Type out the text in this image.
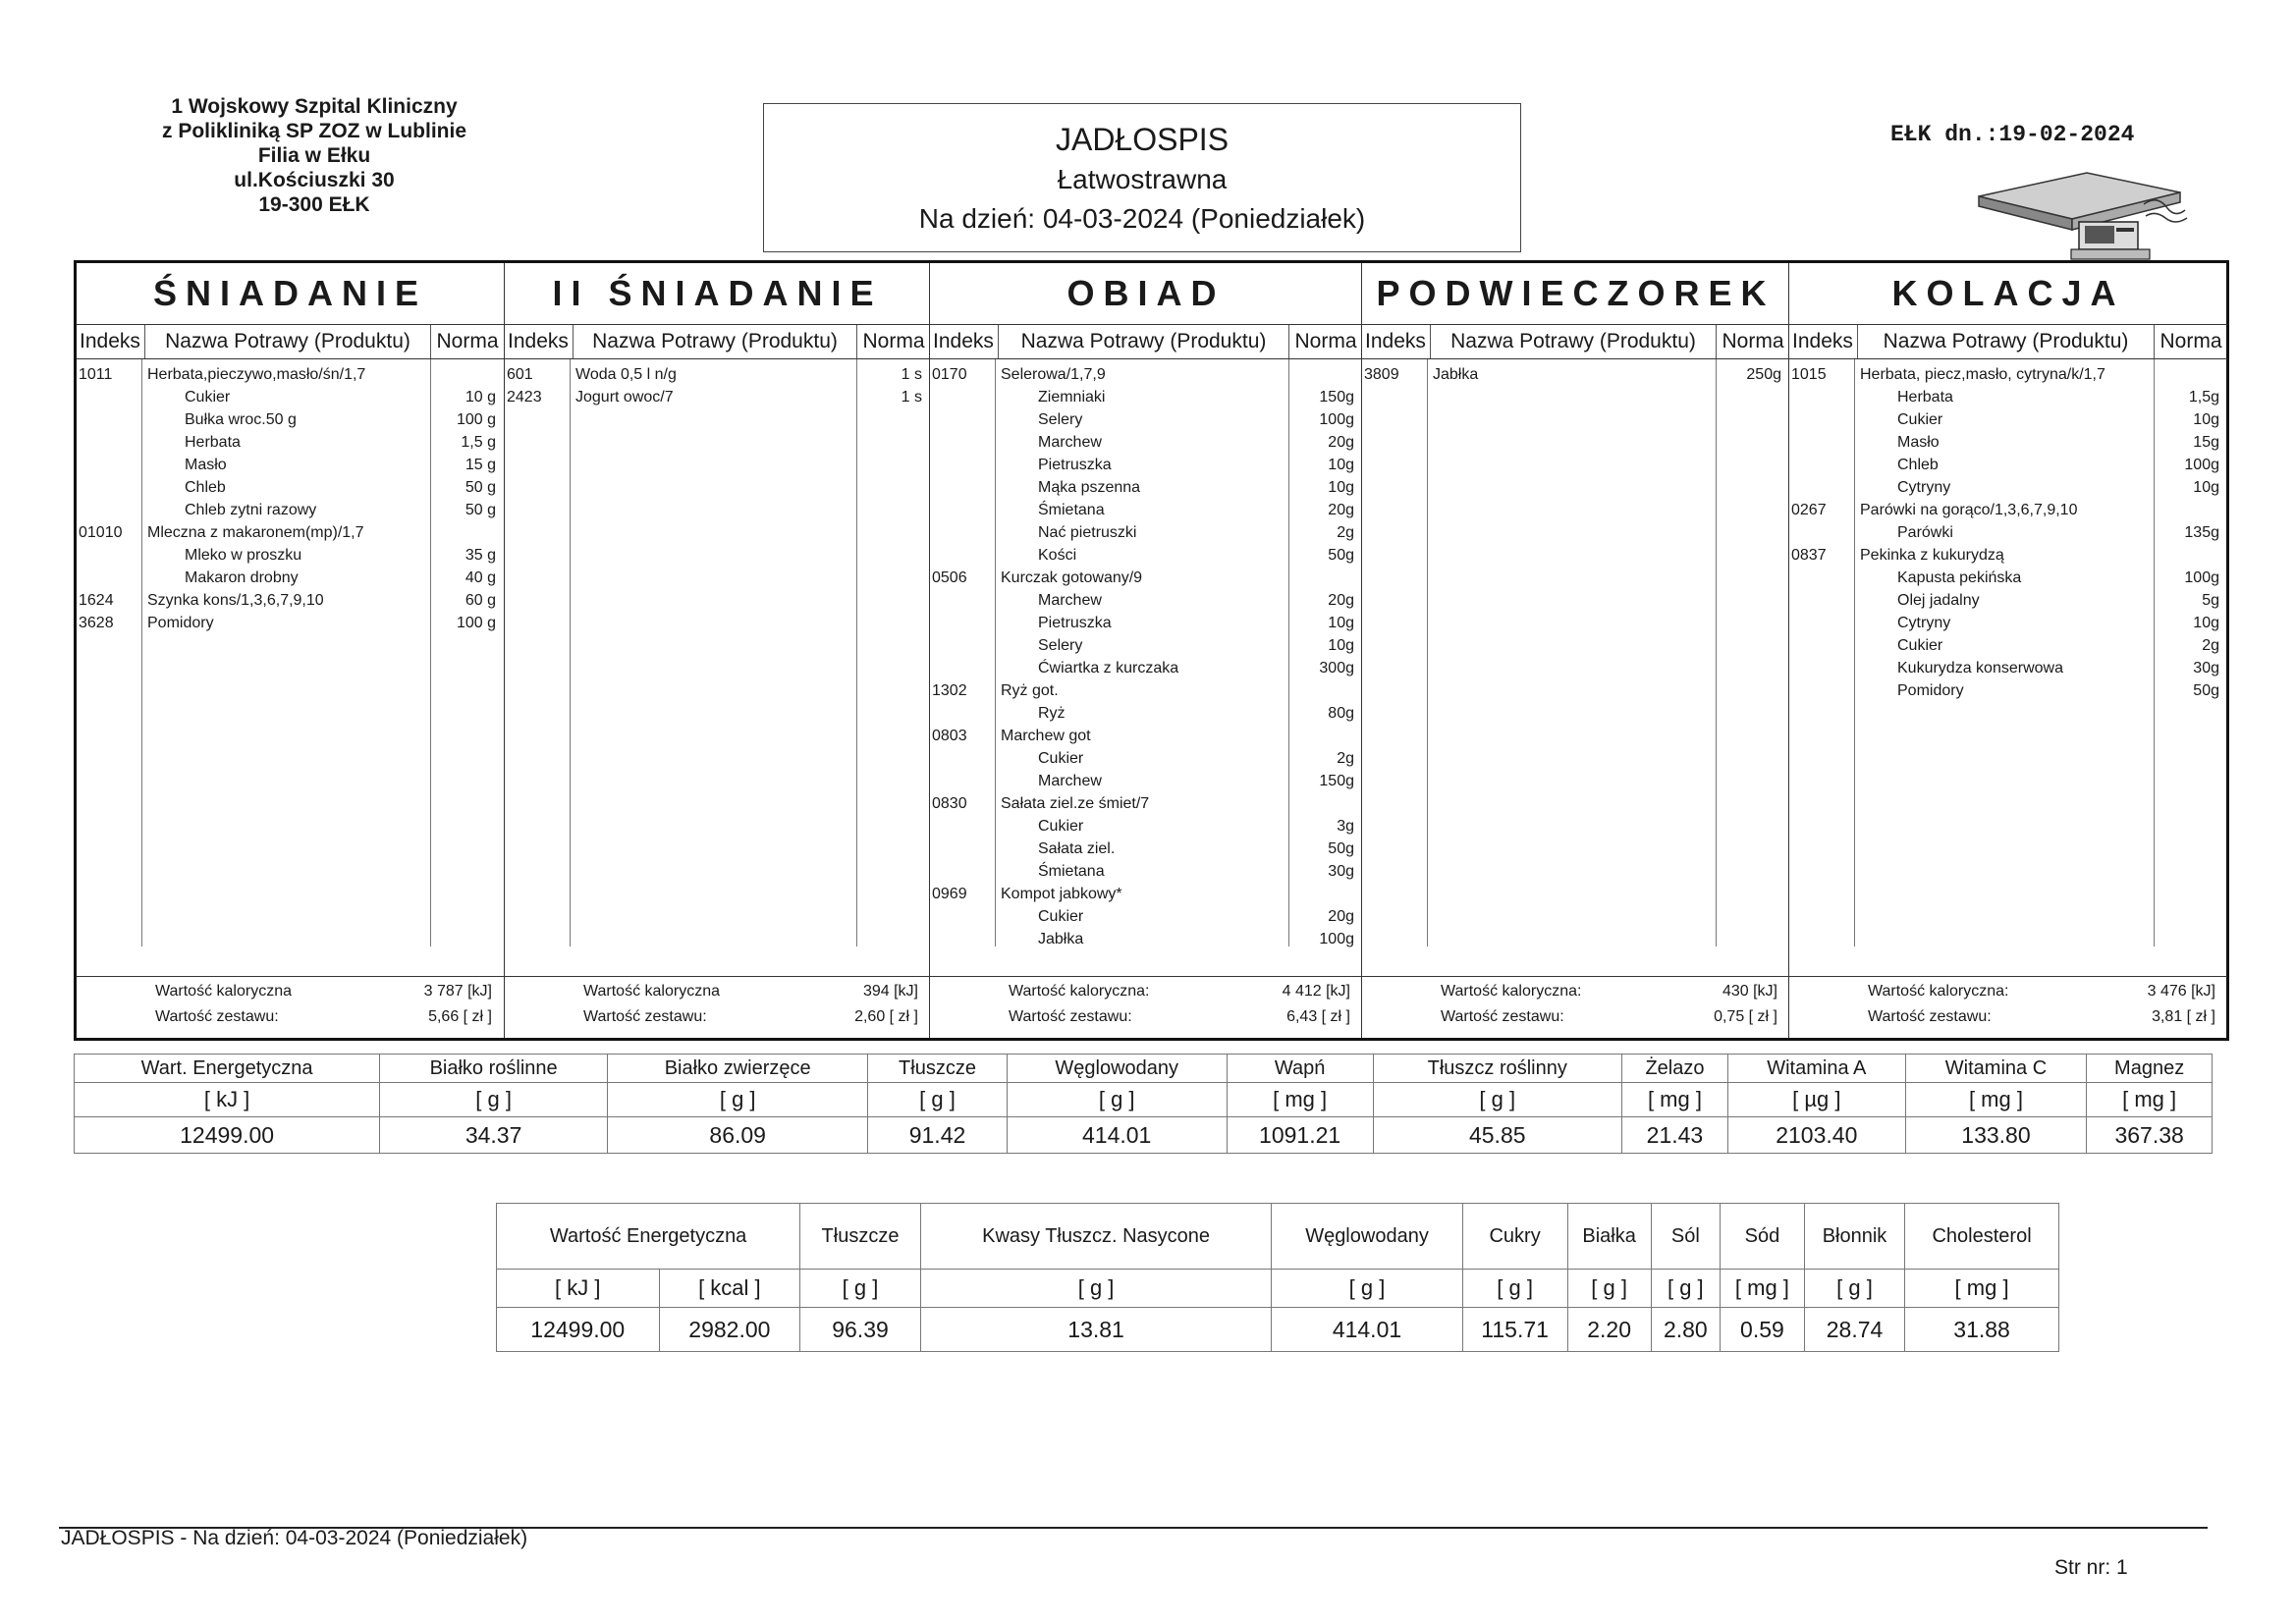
1 Wojskowy Szpital Kliniczny
z Polikliniką SP ZOZ w Lublinie
Filia w Ełku
ul.Kościuszki 30
19-300 EŁK
JADŁOSPIS
Łatwostrawna
Na dzień: 04-03-2024 (Poniedziałek)
EŁK dn.:19-02-2024
ŚNIADANIE
Indeks	Nazwa Potrawy (Produktu)	Norma
1011	Herbata,pieczywo,masło/śn/1,7
Cukier	10 g
Bułka wroc.50 g	100 g
Herbata	1,5 g
Masło	15 g
Chleb	50 g
Chleb zytni razowy	50 g
01010	Mleczna z makaronem(mp)/1,7
Mleko w proszku	35 g
Makaron drobny	40 g
1624	Szynka kons/1,3,6,7,9,10	60 g
3628	Pomidory	100 g
Wartość kaloryczna	3 787 [kJ]
Wartość zestawu:	5,66 [ zł ]
II ŚNIADANIE
Indeks	Nazwa Potrawy (Produktu)	Norma
601	Woda 0,5 l n/g	1 s
2423	Jogurt owoc/7	1 s
Wartość kaloryczna	394 [kJ]
Wartość zestawu:	2,60 [ zł ]
OBIAD
Indeks	Nazwa Potrawy (Produktu)	Norma
0170	Selerowa/1,7,9
Ziemniaki	150g
Selery	100g
Marchew	20g
Pietruszka	10g
Mąka pszenna	10g
Śmietana	20g
Nać pietruszki	2g
Kości	50g
0506	Kurczak gotowany/9
Marchew	20g
Pietruszka	10g
Selery	10g
Ćwiartka z kurczaka	300g
1302	Ryż got.
Ryż	80g
0803	Marchew got
Cukier	2g
Marchew	150g
0830	Sałata ziel.ze śmiet/7
Cukier	3g
Sałata ziel.	50g
Śmietana	30g
0969	Kompot jabkowy*
Cukier	20g
Jabłka	100g
Wartość kaloryczna:	4 412 [kJ]
Wartość zestawu:	6,43 [ zł ]
PODWIECZOREK
Indeks	Nazwa Potrawy (Produktu)	Norma
3809	Jabłka	250g
Wartość kaloryczna:	430 [kJ]
Wartość zestawu:	0,75 [ zł ]
KOLACJA
Indeks	Nazwa Potrawy (Produktu)	Norma
1015	Herbata, piecz,masło, cytryna/k/1,7
Herbata	1,5g
Cukier	10g
Masło	15g
Chleb	100g
Cytryny	10g
0267	Parówki na gorąco/1,3,6,7,9,10
Parówki	135g
0837	Pekinka z kukurydzą
Kapusta pekińska	100g
Olej jadalny	5g
Cytryny	10g
Cukier	2g
Kukurydza konserwowa	30g
Pomidory	50g
Wartość kaloryczna:	3 476 [kJ]
Wartość zestawu:	3,81 [ zł ]
Wart. Energetyczna	Białko roślinne	Białko zwierzęce	Tłuszcze	Węglowodany	Wapń	Tłuszcz roślinny	Żelazo	Witamina A	Witamina C	Magnez
[ kJ ]	[ g ]	[ g ]	[ g ]	[ g ]	[ mg ]	[ g ]	[ mg ]	[ µg ]	[ mg ]	[ mg ]
12499.00	34.37	86.09	91.42	414.01	1091.21	45.85	21.43	2103.40	133.80	367.38
Wartość Energetyczna		Tłuszcze	Kwasy Tłuszcz. Nasycone	Węglowodany	Cukry	Białka	Sól	Sód	Błonnik	Cholesterol
[ kJ ]	[ kcal ]	[ g ]	[ g ]	[ g ]	[ g ]	[ g ]	[ g ]	[ mg ]	[ g ]	[ mg ]
12499.00	2982.00	96.39	13.81	414.01	115.71	2.20	2.80	0.59	28.74	31.88
JADŁOSPIS - Na dzień: 04-03-2024 (Poniedziałek)
Str nr: 1
